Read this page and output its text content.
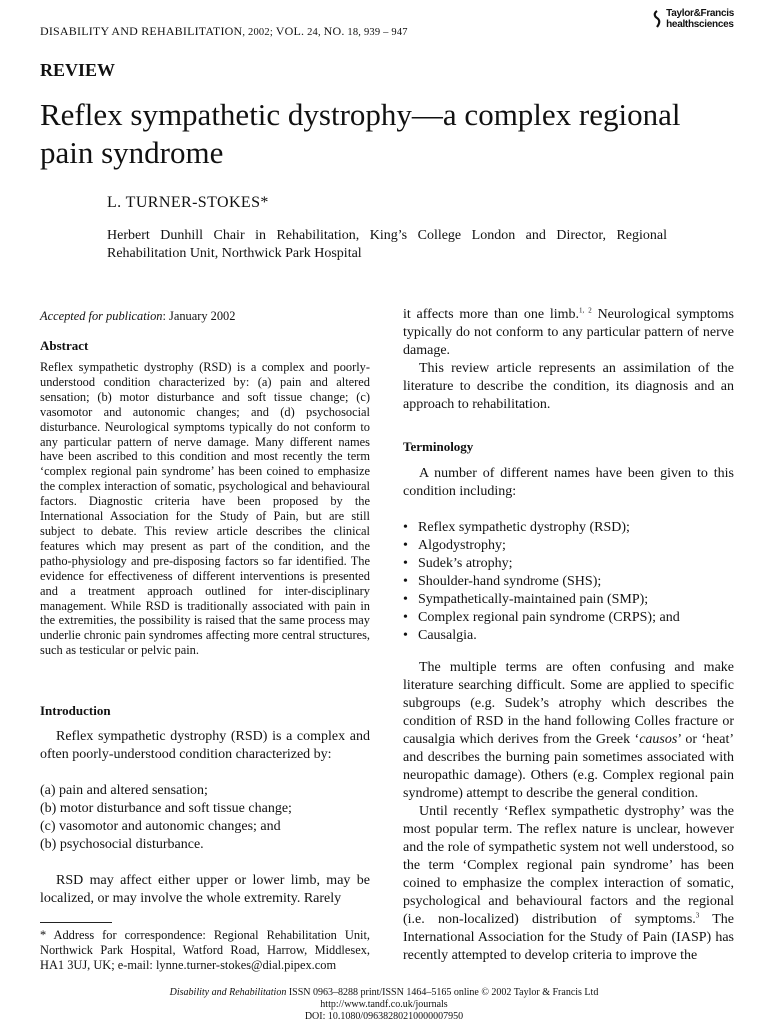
DISABILITY AND REHABILITATION, 2002; VOL. 24, NO. 18, 939 – 947
Taylor&Francis
healthsciences
REVIEW
Reflex sympathetic dystrophy—a complex regional pain syndrome
L. TURNER-STOKES*
Herbert Dunhill Chair in Rehabilitation, King’s College London and Director, Regional Rehabilitation Unit, Northwick Park Hospital
Accepted for publication: January 2002
Abstract
Reflex sympathetic dystrophy (RSD) is a complex and poorly-understood condition characterized by: (a) pain and altered sensation; (b) motor disturbance and soft tissue change; (c) vasomotor and autonomic changes; and (d) psychosocial disturbance. Neurological symptoms typically do not conform to any particular pattern of nerve damage. Many different names have been ascribed to this condition and most recently the term ‘complex regional pain syndrome’ has been coined to emphasize the complex interaction of somatic, psychological and behavioural factors. Diagnostic criteria have been proposed by the International Association for the Study of Pain, but are still subject to debate. This review article describes the clinical features which may present as part of the condition, and the patho-physiology and pre-disposing factors so far identified. The evidence for effectiveness of different interventions is presented and a treatment approach outlined for inter-disciplinary management. While RSD is traditionally associated with pain in the extremities, the possibility is raised that the same process may underlie chronic pain syndromes affecting more central structures, such as testicular or pelvic pain.
Introduction

Reflex sympathetic dystrophy (RSD) is a complex and often poorly-understood condition characterized by:

(a) pain and altered sensation;
(b) motor disturbance and soft tissue change;
(c) vasomotor and autonomic changes; and
(b) psychosocial disturbance.

RSD may affect either upper or lower limb, may be localized, or may involve the whole extremity. Rarely

* Address for correspondence: Regional Rehabilitation Unit, Northwick Park Hospital, Watford Road, Harrow, Middlesex, HA1 3UJ, UK; e-mail: lynne.turner-stokes@dial.pipex.com

it affects more than one limb.$^{1, 2}$ Neurological symptoms typically do not conform to any particular pattern of nerve damage.

This review article represents an assimilation of the literature to describe the condition, its diagnosis and an approach to rehabilitation.

Terminology

A number of different names have been given to this condition including:

• Reflex sympathetic dystrophy (RSD);
• Algodystrophy;
• Sudek’s atrophy;
• Shoulder-hand syndrome (SHS);
• Sympathetically-maintained pain (SMP);
• Complex regional pain syndrome (CRPS); and
• Causalgia.

The multiple terms are often confusing and make literature searching difficult. Some are applied to specific subgroups (e.g. Sudek’s atrophy which describes the condition of RSD in the hand following Colles fracture or causalgia which derives from the Greek ‘causos’ or ‘heat’ and describes the burning pain sometimes associated with neuropathic damage). Others (e.g. Complex regional pain syndrome) attempt to describe the general condition.

Until recently ‘Reflex sympathetic dystrophy’ was the most popular term. The reflex nature is unclear, however and the role of sympathetic system not well understood, so the term ‘Complex regional pain syndrome’ has been coined to emphasize the complex interaction of somatic, psychological and behavioural factors and the regional (i.e. non-localized) distribution of symptoms.$^3$ The International Association for the Study of Pain (IASP) has recently attempted to develop criteria to improve the

Disability and Rehabilitation ISSN 0963–8288 print/ISSN 1464–5165 online © 2002 Taylor & Francis Ltd
http://www.tandf.co.uk/journals
DOI: 10.1080/09638280210000007950
